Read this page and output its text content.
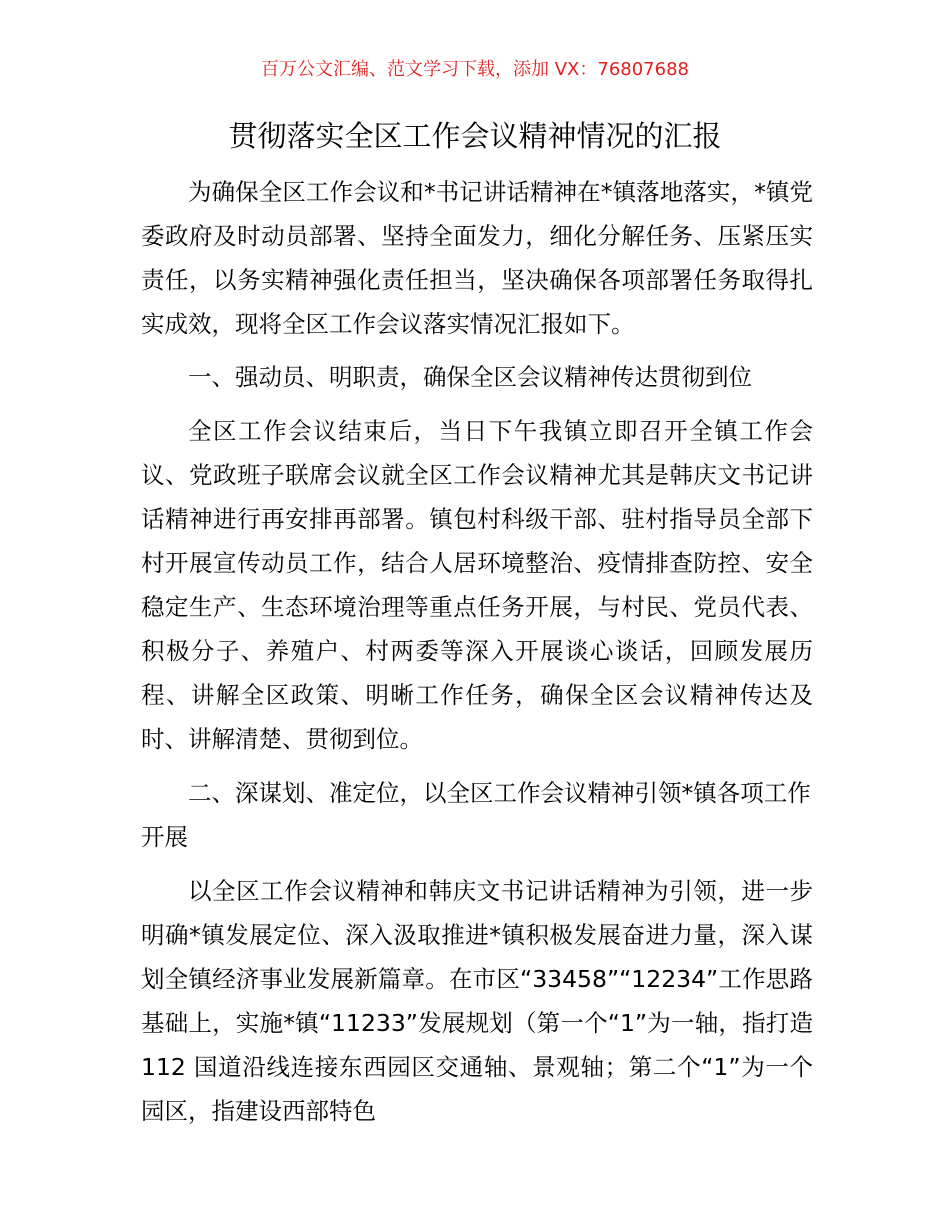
百万公文汇编、范文学习下载，添加 VX：76807688
贯彻落实全区工作会议精神情况的汇报

为确保全区工作会议和*书记讲话精神在*镇落地落实，*镇党委政府及时动员部署、坚持全面发力，细化分解任务、压紧压实责任，以务实精神强化责任担当，坚决确保各项部署任务取得扎实成效，现将全区工作会议落实情况汇报如下。

一、强动员、明职责，确保全区会议精神传达贯彻到位

全区工作会议结束后，当日下午我镇立即召开全镇工作会议、党政班子联席会议就全区工作会议精神尤其是韩庆文书记讲话精神进行再安排再部署。镇包村科级干部、驻村指导员全部下村开展宣传动员工作，结合人居环境整治、疫情排查防控、安全稳定生产、生态环境治理等重点任务开展，与村民、党员代表、积极分子、养殖户、村两委等深入开展谈心谈话，回顾发展历程、讲解全区政策、明晰工作任务，确保全区会议精神传达及时、讲解清楚、贯彻到位。

二、深谋划、准定位，以全区工作会议精神引领*镇各项工作开展

以全区工作会议精神和韩庆文书记讲话精神为引领，进一步明确*镇发展定位、深入汲取推进*镇积极发展奋进力量，深入谋划全镇经济事业发展新篇章。在市区“33458”“12234”工作思路基础上，实施*镇“11233”发展规划（第一个“1”为一轴，指打造 112 国道沿线连接东西园区交通轴、景观轴；第二个“1”为一个园区，指建设西部特色
